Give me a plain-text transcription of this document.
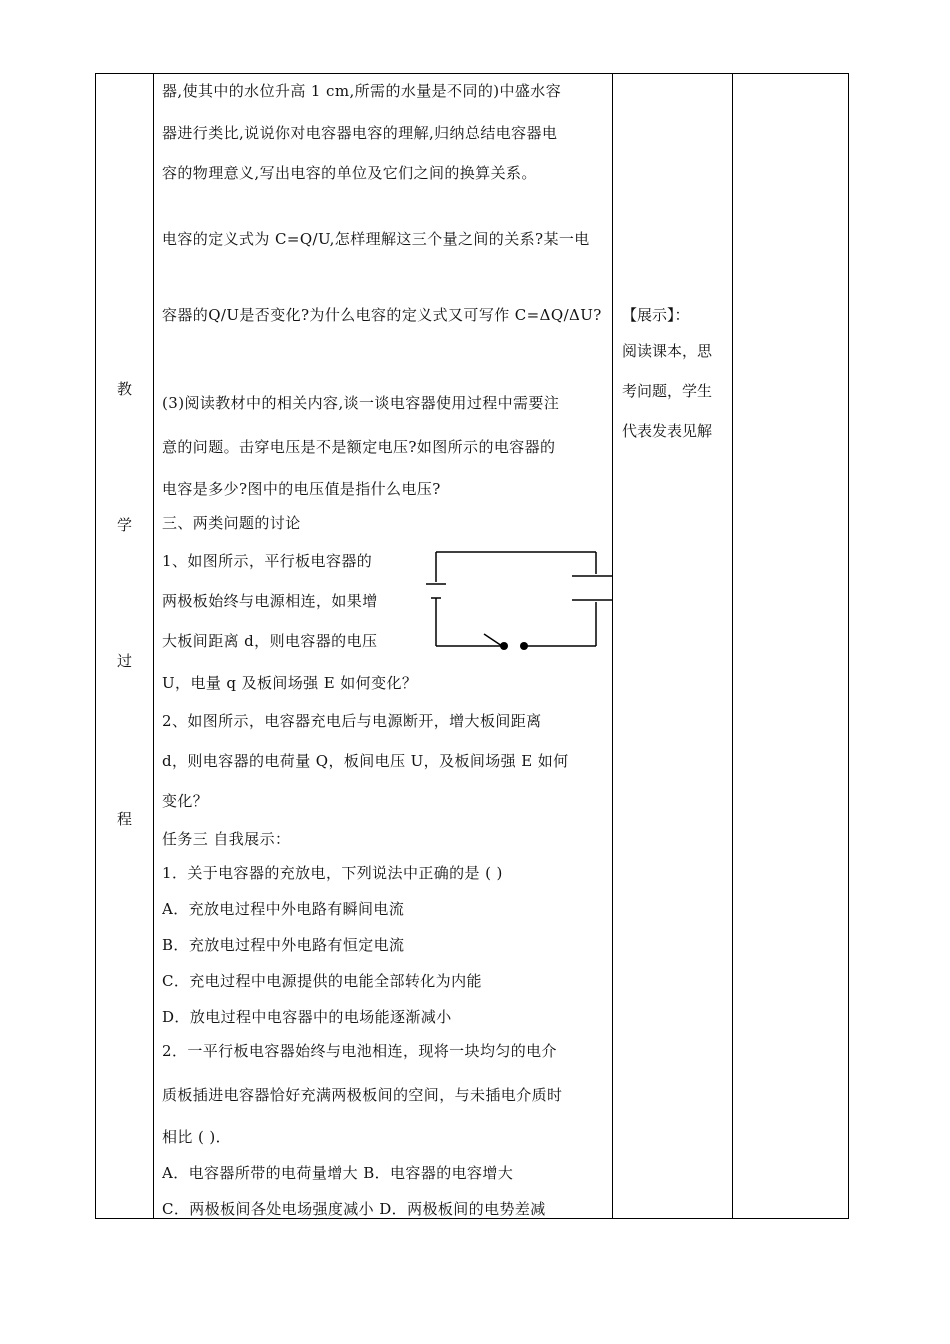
教
学
过
程
器,使其中的水位升高 1 cm,所需的水量是不同的)中盛水容
器进行类比,说说你对电容器电容的理解,归纳总结电容器电
容的物理意义,写出电容的单位及它们之间的换算关系。
电容的定义式为 C=Q/U,怎样理解这三个量之间的关系?某一电
容器的Q/U是否变化?为什么电容的定义式又可写作 C=ΔQ/ΔU?
(3)阅读教材中的相关内容,谈一谈电容器使用过程中需要注
意的问题。击穿电压是不是额定电压?如图所示的电容器的
电容是多少?图中的电压值是指什么电压?
三、两类问题的讨论
1、如图所示，平行板电容器的
两极板始终与电源相连，如果增
大板间距离 d，则电容器的电压
U，电量 q 及板间场强 E 如何变化？
2、如图所示，电容器充电后与电源断开，增大板间距离
d，则电容器的电荷量 Q，板间电压 U，及板间场强 E 如何
变化？
任务三 自我展示：
1．关于电容器的充放电，下列说法中正确的是 ( )
A．充放电过程中外电路有瞬间电流
B．充放电过程中外电路有恒定电流
C．充电过程中电源提供的电能全部转化为内能
D．放电过程中电容器中的电场能逐渐减小
2．一平行板电容器始终与电池相连，现将一块均匀的电介
质板插进电容器恰好充满两极板间的空间，与未插电介质时
相比 ( )．
A．电容器所带的电荷量增大 B．电容器的电容增大
C．两极板间各处电场强度减小 D．两极板间的电势差减
【展示】：
阅读课本，思
考问题，学生
代表发表见解
